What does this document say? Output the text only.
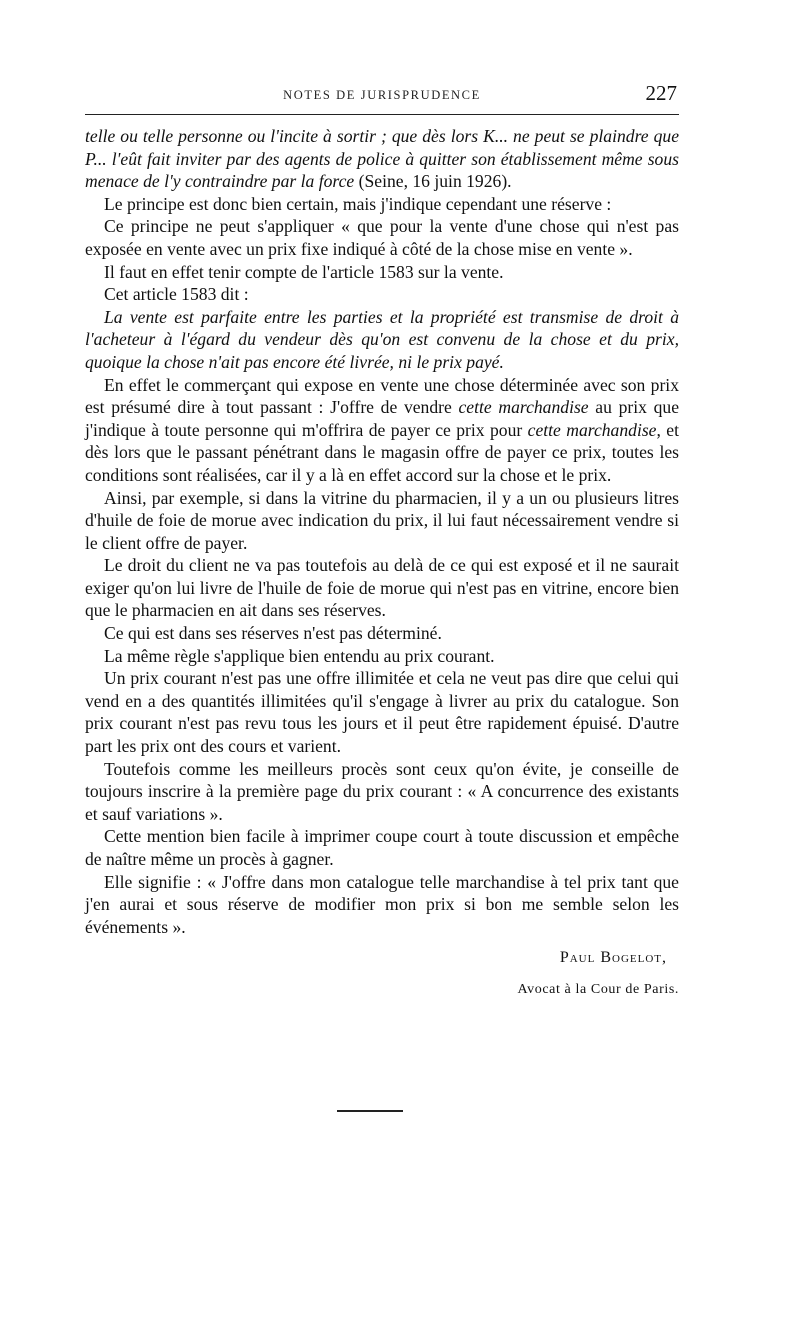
NOTES DE JURISPRUDENCE	227

telle ou telle personne ou l'incite à sortir ; que dès lors K... ne peut se plaindre que P... l'eût fait inviter par des agents de police à quitter son établissement même sous menace de l'y contraindre par la force (Seine, 16 juin 1926).

Le principe est donc bien certain, mais j'indique cependant une réserve :

Ce principe ne peut s'appliquer « que pour la vente d'une chose qui n'est pas exposée en vente avec un prix fixe indiqué à côté de la chose mise en vente ».

Il faut en effet tenir compte de l'article 1583 sur la vente.

Cet article 1583 dit :

La vente est parfaite entre les parties et la propriété est transmise de droit à l'acheteur à l'égard du vendeur dès qu'on est convenu de la chose et du prix, quoique la chose n'ait pas encore été livrée, ni le prix payé.

En effet le commerçant qui expose en vente une chose déterminée avec son prix est présumé dire à tout passant : J'offre de vendre cette marchandise au prix que j'indique à toute personne qui m'offrira de payer ce prix pour cette marchandise, et dès lors que le passant pénétrant dans le magasin offre de payer ce prix, toutes les conditions sont réalisées, car il y a là en effet accord sur la chose et le prix.

Ainsi, par exemple, si dans la vitrine du pharmacien, il y a un ou plusieurs litres d'huile de foie de morue avec indication du prix, il lui faut nécessairement vendre si le client offre de payer.

Le droit du client ne va pas toutefois au delà de ce qui est exposé et il ne saurait exiger qu'on lui livre de l'huile de foie de morue qui n'est pas en vitrine, encore bien que le pharmacien en ait dans ses réserves.

Ce qui est dans ses réserves n'est pas déterminé.

La même règle s'applique bien entendu au prix courant.

Un prix courant n'est pas une offre illimitée et cela ne veut pas dire que celui qui vend en a des quantités illimitées qu'il s'engage à livrer au prix du catalogue. Son prix courant n'est pas revu tous les jours et il peut être rapidement épuisé. D'autre part les prix ont des cours et varient.

Toutefois comme les meilleurs procès sont ceux qu'on évite, je conseille de toujours inscrire à la première page du prix courant : « A concurrence des existants et sauf variations ».

Cette mention bien facile à imprimer coupe court à toute discussion et empêche de naître même un procès à gagner.

Elle signifie : « J'offre dans mon catalogue telle marchandise à tel prix tant que j'en aurai et sous réserve de modifier mon prix si bon me semble selon les événements ».

Paul Bogelot,
Avocat à la Cour de Paris.
